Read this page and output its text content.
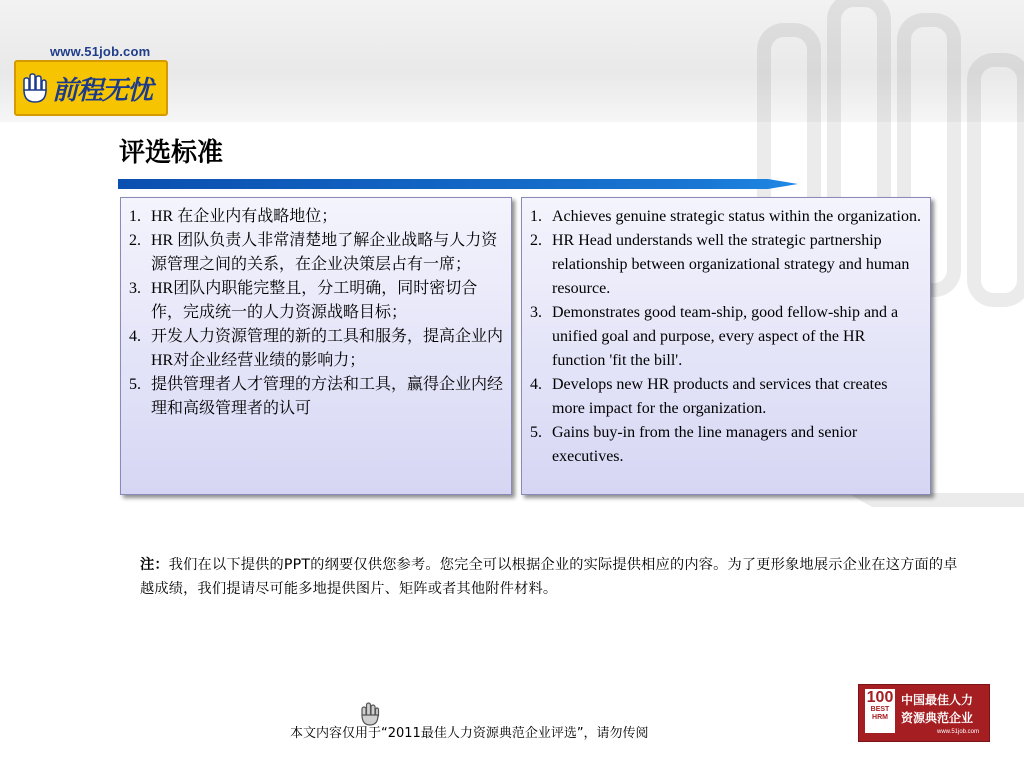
www.51job.com
前程无忧
评选标准
1. HR 在企业内有战略地位；
2. HR 团队负责人非常清楚地了解企业战略与人力资源管理之间的关系，在企业决策层占有一席；
3. HR团队内职能完整且，分工明确，同时密切合作，完成统一的人力资源战略目标；
4. 开发人力资源管理的新的工具和服务，提高企业内HR对企业经营业绩的影响力；
5. 提供管理者人才管理的方法和工具，赢得企业内经理和高级管理者的认可
1. Achieves genuine strategic status within the organization.
2. HR Head understands well the strategic partnership relationship between organizational strategy and human resource.
3. Demonstrates good team-ship, good fellow-ship and a unified goal and purpose, every aspect of the HR function 'fit the bill'.
4. Develops new HR products and services that creates more impact for the organization.
5. Gains buy-in from the line managers and senior executives.

注：我们在以下提供的PPT的纲要仅供您参考。您完全可以根据企业的实际提供相应的内容。为了更形象地展示企业在这方面的卓越成绩，我们提请尽可能多地提供图片、矩阵或者其他附件材料。

本文内容仅用于“2011最佳人力资源典范企业评选”，请勿传阅

100
BEST
HRM
中国最佳人力
资源典范企业
www.51job.com
